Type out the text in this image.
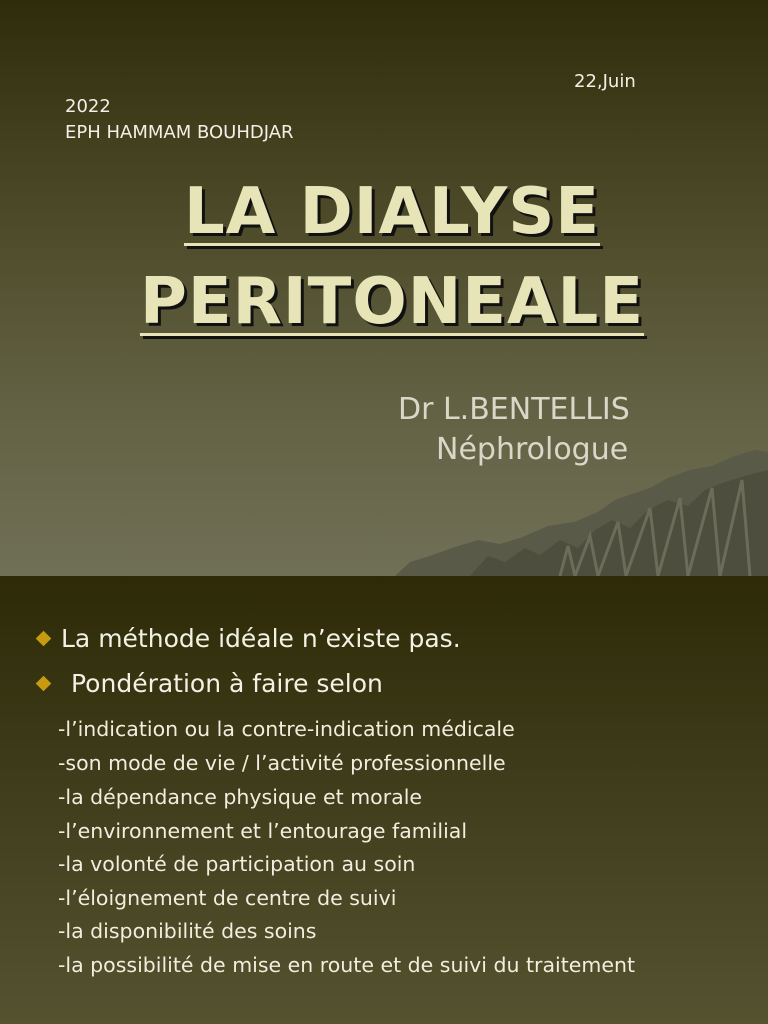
22,Juin
2022
EPH HAMMAM BOUHDJAR
LA DIALYSE
PERITONEALE
Dr L.BENTELLIS
Néphrologue
La méthode idéale n’existe pas.
Pondération à faire selon
-l’indication ou la contre-indication médicale
-son mode de vie / l’activité professionnelle
-la dépendance physique et morale
-l’environnement et l’entourage familial
-la volonté de participation au soin
-l’éloignement de centre de suivi
-la disponibilité des soins
-la possibilité de mise en route et de suivi du traitement
